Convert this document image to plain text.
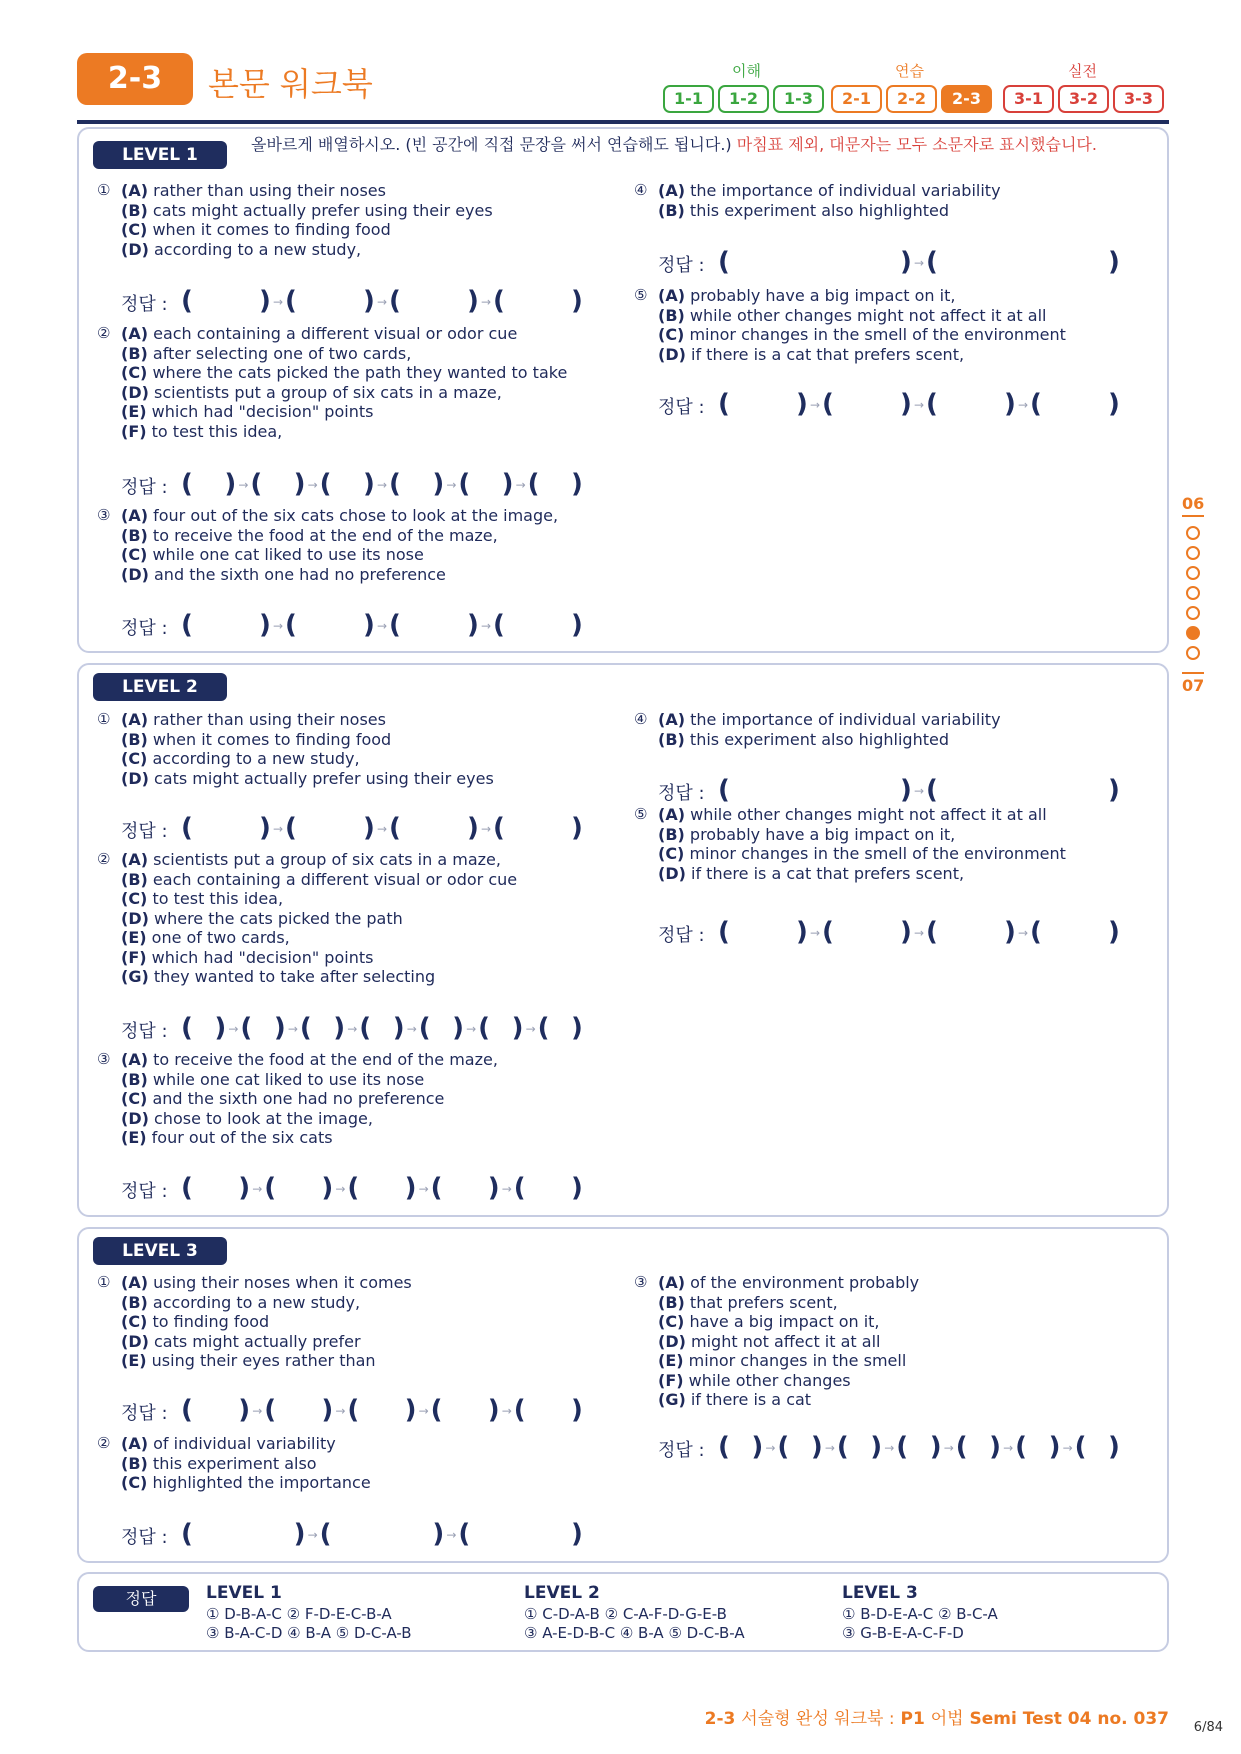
2-3	본문 워크북	이해	연습	실전
1-1	1-2	1-3	2-1	2-2	2-3	3-1	3-2	3-3
LEVEL 1
올바르게 배열하시오. (빈 공간에 직접 문장을 써서 연습해도 됩니다.) 마침표 제외, 대문자는 모두 소문자로 표시했습니다.
① (A) rather than using their noses
(B) cats might actually prefer using their eyes
(C) when it comes to finding food
(D) according to a new study,
정답 : (	) → (	) → (	) → (	)
② (A) each containing a different visual or odor cue
(B) after selecting one of two cards,
(C) where the cats picked the path they wanted to take
(D) scientists put a group of six cats in a maze,
(E) which had "decision" points
(F) to test this idea,
정답 : ( ) → ( ) → ( ) → ( ) → ( ) → ( )
③ (A) four out of the six cats chose to look at the image,
(B) to receive the food at the end of the maze,
(C) while one cat liked to use its nose
(D) and the sixth one had no preference
정답 : (	) → (	) → (	) → (	)
④ (A) the importance of individual variability
(B) this experiment also highlighted
정답 : (	) → (	)
⑤ (A) probably have a big impact on it,
(B) while other changes might not affect it at all
(C) minor changes in the smell of the environment
(D) if there is a cat that prefers scent,
정답 : (	) → (	) → (	) → (	)
LEVEL 2
① (A) rather than using their noses
(B) when it comes to finding food
(C) according to a new study,
(D) cats might actually prefer using their eyes
정답 : (	) → (	) → (	) → (	)
② (A) scientists put a group of six cats in a maze,
(B) each containing a different visual or odor cue
(C) to test this idea,
(D) where the cats picked the path
(E) one of two cards,
(F) which had "decision" points
(G) they wanted to take after selecting
정답 : ( ) → ( ) → ( ) → ( ) → ( ) → ( ) → ( )
③ (A) to receive the food at the end of the maze,
(B) while one cat liked to use its nose
(C) and the sixth one had no preference
(D) chose to look at the image,
(E) four out of the six cats
정답 : ( ) → ( ) → ( ) → ( ) → ( )
④ (A) the importance of individual variability
(B) this experiment also highlighted
정답 : (	) → (	)
⑤ (A) while other changes might not affect it at all
(B) probably have a big impact on it,
(C) minor changes in the smell of the environment
(D) if there is a cat that prefers scent,
정답 : (	) → (	) → (	) → (	)
LEVEL 3
① (A) using their noses when it comes
(B) according to a new study,
(C) to finding food
(D) cats might actually prefer
(E) using their eyes rather than
정답 : ( ) → ( ) → ( ) → ( ) → ( )
② (A) of individual variability
(B) this experiment also
(C) highlighted the importance
정답 : (	) → (	) → (	)
③ (A) of the environment probably
(B) that prefers scent,
(C) have a big impact on it,
(D) might not affect it at all
(E) minor changes in the smell
(F) while other changes
(G) if there is a cat
정답 : ( ) → ( ) → ( ) → ( ) → ( ) → ( ) → ( )
정답	LEVEL 1
① D-B-A-C ② F-D-E-C-B-A
③ B-A-C-D ④ B-A ⑤ D-C-A-B
LEVEL 2
① C-D-A-B ② C-A-F-D-G-E-B
③ A-E-D-B-C ④ B-A ⑤ D-C-B-A
LEVEL 3
① B-D-E-A-C ② B-C-A
③ G-B-E-A-C-F-D
06
07
2-3 서술형 완성 워크북 : P1 어법 Semi Test 04 no. 037 6/84
